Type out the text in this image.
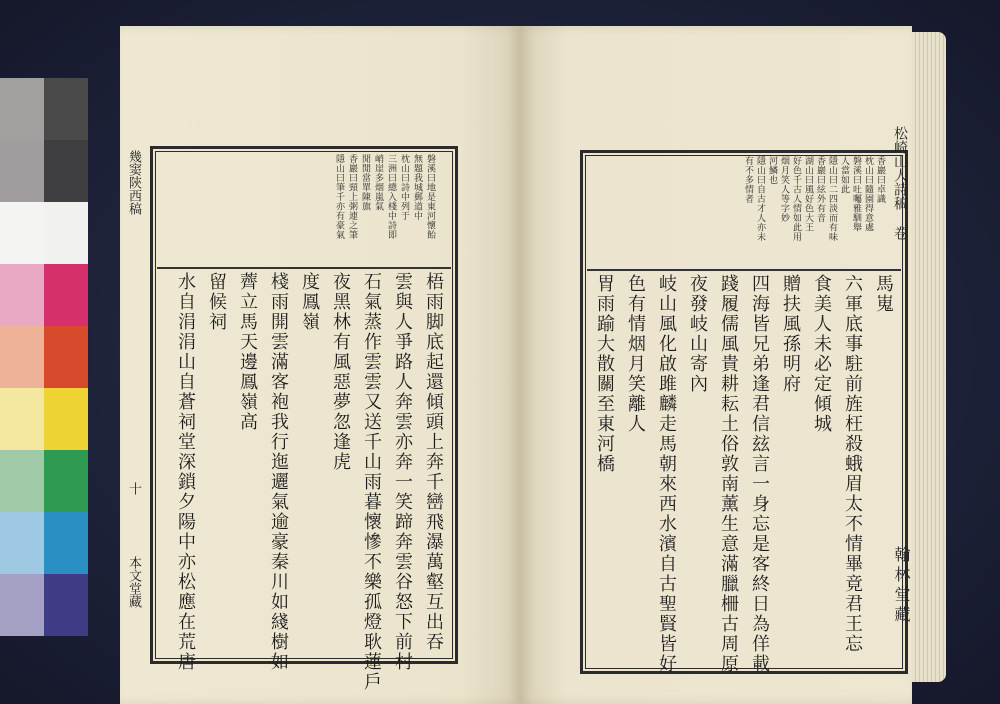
幾窦陝西稿
十
本文堂藏
磐溪曰地是東河懷飴
無題我城郵道中
枕山曰詩中列于
三洲曰總入棧中詩即
峭崖多烟嵐氣
閒閒當單陳旗
香巖曰頸上粥連之筆
隱山曰筆千亦有豪氣
梧雨脚底起還傾頭上奔千巒飛瀑萬壑互出吞
雲與人爭路人奔雲亦奔一笑蹄奔雲谷怒下前村
石氣蒸作雲雲又送千山雨暮懷慘不樂孤燈耿蓮戶
夜黑林有風惡夢忽逢虎
度鳳嶺
棧雨開雲滿客袍我行迤邐氣逾豪秦川如綫樹如
薺立馬天邊鳳嶺高
留候祠
水自涓涓山自蒼祠堂深鎖夕陽中亦松應在荒唐
松崎山人詩稿 卷
翰林堂藏
香巖曰卓識
枕山曰隨園得意處
磐溪曰吐囑雅馴舉
人當如此
隱山曰二四淡而有味
香巖曰絃外有音
湖山曰風好色大王
好色千古人情如此用
烟月笑人等字妙
河鱗也
隱山曰自古才人亦未
有不多情者
馬嵬
六軍底事駐前旌枉殺蛾眉太不情畢竟君王忘
食美人未必定傾城
贈扶風孫明府
四海皆兄弟逢君信玆言一身忘是客終日為佯載
踐履儒風貴耕耘土俗敦南薰生意滿臘柵古周原
夜發岐山寄內
岐山風化啟雎麟走馬朝來西水濱自古聖賢皆好
色有情烟月笑離人
胃雨踰大散關至東河橋
